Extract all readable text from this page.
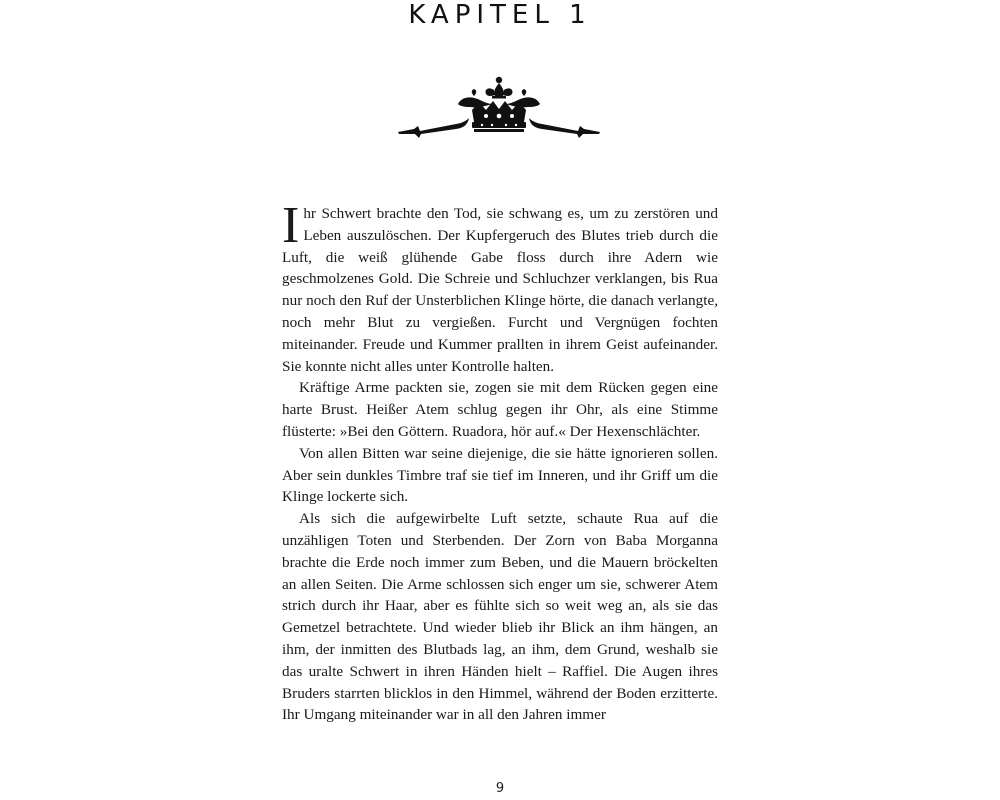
KAPITEL 1

Ihr Schwert brachte den Tod, sie schwang es, um zu zerstören und Leben auszulöschen. Der Kupfergeruch des Blutes trieb durch die Luft, die weiß glühende Gabe floss durch ihre Adern wie geschmolzenes Gold. Die Schreie und Schluchzer verklangen, bis Rua nur noch den Ruf der Unsterblichen Klinge hörte, die danach verlangte, noch mehr Blut zu vergießen. Furcht und Vergnügen fochten miteinander. Freude und Kummer prallten in ihrem Geist aufeinander. Sie konnte nicht alles unter Kontrolle halten.

Kräftige Arme packten sie, zogen sie mit dem Rücken gegen eine harte Brust. Heißer Atem schlug gegen ihr Ohr, als eine Stimme flüsterte: »Bei den Göttern. Ruadora, hör auf.« Der Hexenschlächter.

Von allen Bitten war seine diejenige, die sie hätte ignorieren sollen. Aber sein dunkles Timbre traf sie tief im Inneren, und ihr Griff um die Klinge lockerte sich.

Als sich die aufgewirbelte Luft setzte, schaute Rua auf die unzähligen Toten und Sterbenden. Der Zorn von Baba Morganna brachte die Erde noch immer zum Beben, und die Mauern bröckelten an allen Seiten. Die Arme schlossen sich enger um sie, schwerer Atem strich durch ihr Haar, aber es fühlte sich so weit weg an, als sie das Gemetzel betrachtete. Und wieder blieb ihr Blick an ihm hängen, an ihm, der inmitten des Blutbads lag, an ihm, dem Grund, weshalb sie das uralte Schwert in ihren Händen hielt – Raffiel. Die Augen ihres Bruders starrten blicklos in den Himmel, während der Boden erzitterte. Ihr Umgang miteinander war in all den Jahren immer

9
